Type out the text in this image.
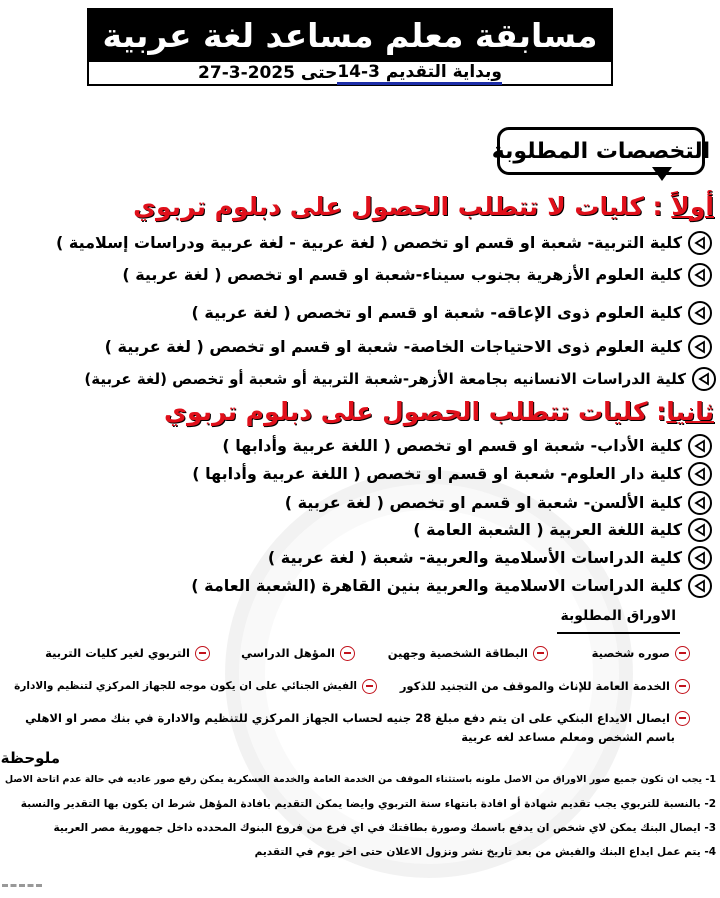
مسابقة معلم مساعد لغة عربية
وبداية التقديم 3-14
حتى 2025-3-27
التخصصات المطلوبة
أولاً : كليات لا تتطلب الحصول على دبلوم تربوي
كلية التربية- شعبة او قسم او تخصص ( لغة عربية - لغة عربية ودراسات إسلامية )
كلية العلوم الأزهرية بجنوب سيناء-شعبة او قسم او تخصص ( لغة عربية )
كلية العلوم ذوى الإعاقه- شعبة او قسم او تخصص ( لغة عربية )
كلية العلوم ذوى الاحتياجات الخاصة- شعبة او قسم او تخصص ( لغة عربية )
كلية الدراسات الانسانيه بجامعة الأزهر-شعبة التربية أو شعبة أو تخصص (لغة عربية)
ثانيا: كليات تتطلب الحصول على دبلوم تربوي
كلية الأداب- شعبة او قسم او تخصص ( اللغة عربية وأدابها )
كلية دار العلوم- شعبة او قسم او تخصص ( اللغة عربية وأدابها )
كلية الألسن- شعبة او قسم او تخصص ( لغة عربية )
كلية اللغة العربية ( الشعبة العامة )
كلية الدراسات الأسلامية والعربية- شعبة ( لغة عربية )
كلية الدراسات الاسلامية والعربية بنين القاهرة (الشعبة العامة )
الاوراق المطلوبة
صوره شخصية
البطاقة الشخصية وجهين
المؤهل الدراسي
التربوي لغير كليات التربية
الخدمة العامة للإناث والموقف من التجنيد للذكور
الفيش الجنائي على ان يكون موجه للجهاز المركزي لتنظيم والادارة
ايصال الايداع البنكي على ان يتم دفع مبلغ 28 جنيه لحساب الجهاز المركزي للتنظيم والادارة في بنك مصر او الاهلي
باسم الشخص ومعلم مساعد لغه عربية
ملوحظة
1- يجب ان تكون جميع صور الاوراق من الاصل ملونه باستثناء الموقف من الخدمة العامة والخدمة العسكرية يمكن رفع صور عاديه في حالة عدم اتاحة الاصل
2- بالنسبة للتربوي يجب تقديم شهادة أو افادة بانتهاء سنة التربوي وايضا يمكن التقديم بافادة المؤهل شرط ان يكون بها التقدير والنسبة
3- ايصال البنك يمكن لاي شخص ان يدفع باسمك وصورة بطاقتك في اي فرع من فروع البنوك المحدده داخل جمهورية مصر العربية
4- يتم عمل ايداع البنك والفيش من بعد تاريخ نشر ونزول الاعلان حتى اخر يوم في التقديم
